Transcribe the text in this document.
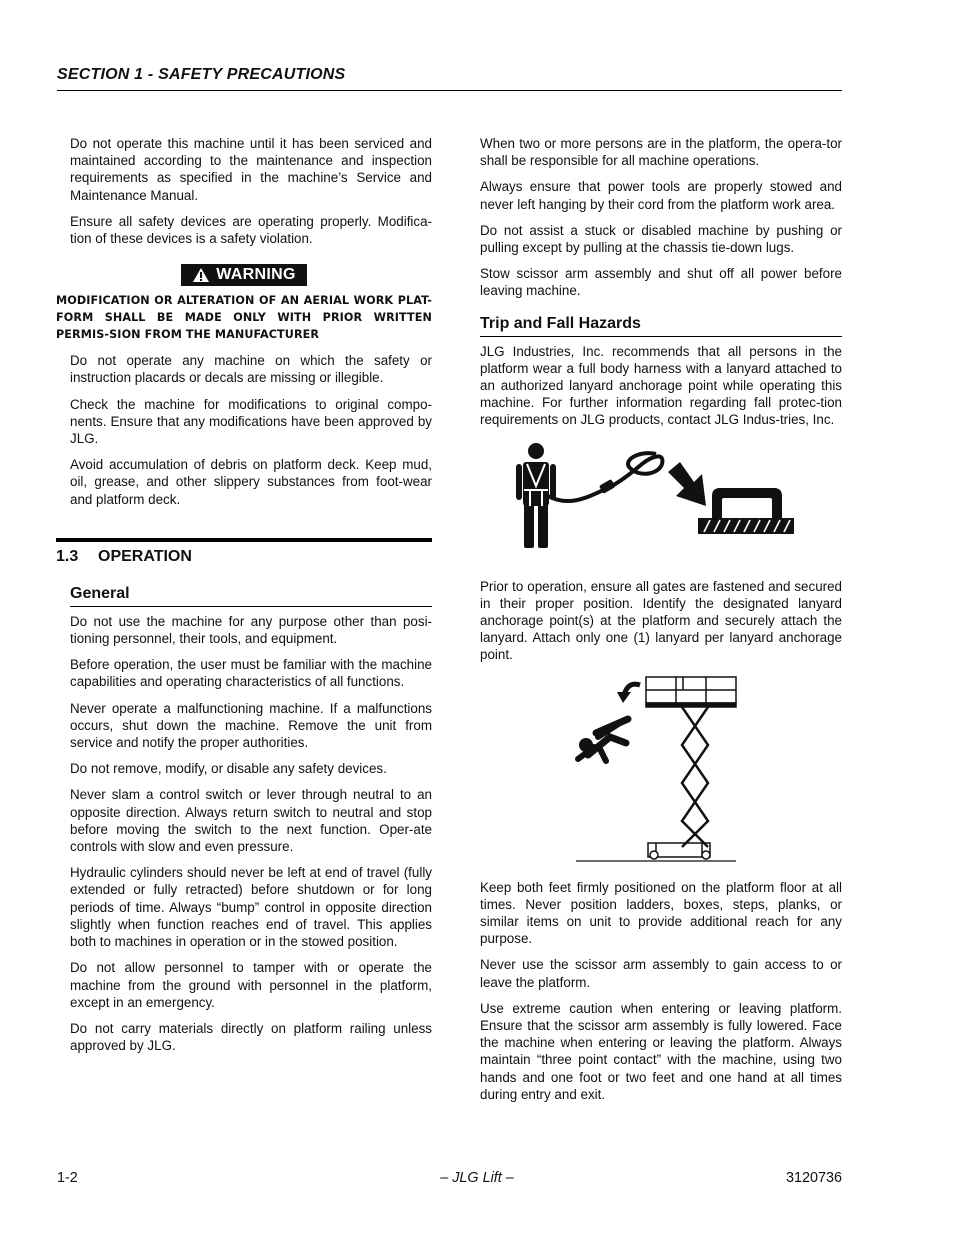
SECTION 1 - SAFETY PRECAUTIONS

Do not operate this machine until it has been serviced and maintained according to the maintenance and inspection requirements as specified in the machine’s Service and Maintenance Manual.

Ensure all safety devices are operating properly. Modifica-tion of these devices is a safety violation.

WARNING

MODIFICATION OR ALTERATION OF AN AERIAL WORK PLAT-FORM SHALL BE MADE ONLY WITH PRIOR WRITTEN PERMIS-SION FROM THE MANUFACTURER

Do not operate any machine on which the safety or instruction placards or decals are missing or illegible.

Check the machine for modifications to original compo-nents. Ensure that any modifications have been approved by JLG.

Avoid accumulation of debris on platform deck. Keep mud, oil, grease, and other slippery substances from foot-wear and platform deck.

1.3 OPERATION
General

Do not use the machine for any purpose other than posi-tioning personnel, their tools, and equipment.

Before operation, the user must be familiar with the machine capabilities and operating characteristics of all functions.

Never operate a malfunctioning machine. If a malfunctions occurs, shut down the machine. Remove the unit from service and notify the proper authorities.

Do not remove, modify, or disable any safety devices.

Never slam a control switch or lever through neutral to an opposite direction. Always return switch to neutral and stop before moving the switch to the next function. Oper-ate controls with slow and even pressure.

Hydraulic cylinders should never be left at end of travel (fully extended or fully retracted) before shutdown or for long periods of time. Always “bump” control in opposite direction slightly when function reaches end of travel. This applies both to machines in operation or in the stowed position.

Do not allow personnel to tamper with or operate the machine from the ground with personnel in the platform, except in an emergency.

Do not carry materials directly on platform railing unless approved by JLG.

When two or more persons are in the platform, the opera-tor shall be responsible for all machine operations.

Always ensure that power tools are properly stowed and never left hanging by their cord from the platform work area.

Do not assist a stuck or disabled machine by pushing or pulling except by pulling at the chassis tie-down lugs.

Stow scissor arm assembly and shut off all power before leaving machine.

Trip and Fall Hazards

JLG Industries, Inc. recommends that all persons in the platform wear a full body harness with a lanyard attached to an authorized lanyard anchorage point while operating this machine. For further information regarding fall protec-tion requirements on JLG products, contact JLG Indus-tries, Inc.

Prior to operation, ensure all gates are fastened and secured in their proper position. Identify the designated lanyard anchorage point(s) at the platform and securely attach the lanyard. Attach only one (1) lanyard per lanyard anchorage point.

Keep both feet firmly positioned on the platform floor at all times. Never position ladders, boxes, steps, planks, or similar items on unit to provide additional reach for any purpose.

Never use the scissor arm assembly to gain access to or leave the platform.

Use extreme caution when entering or leaving platform. Ensure that the scissor arm assembly is fully lowered. Face the machine when entering or leaving the platform. Always maintain “three point contact” with the machine, using two hands and one foot or two feet and one hand at all times during entry and exit.

1-2	– JLG Lift –	3120736
